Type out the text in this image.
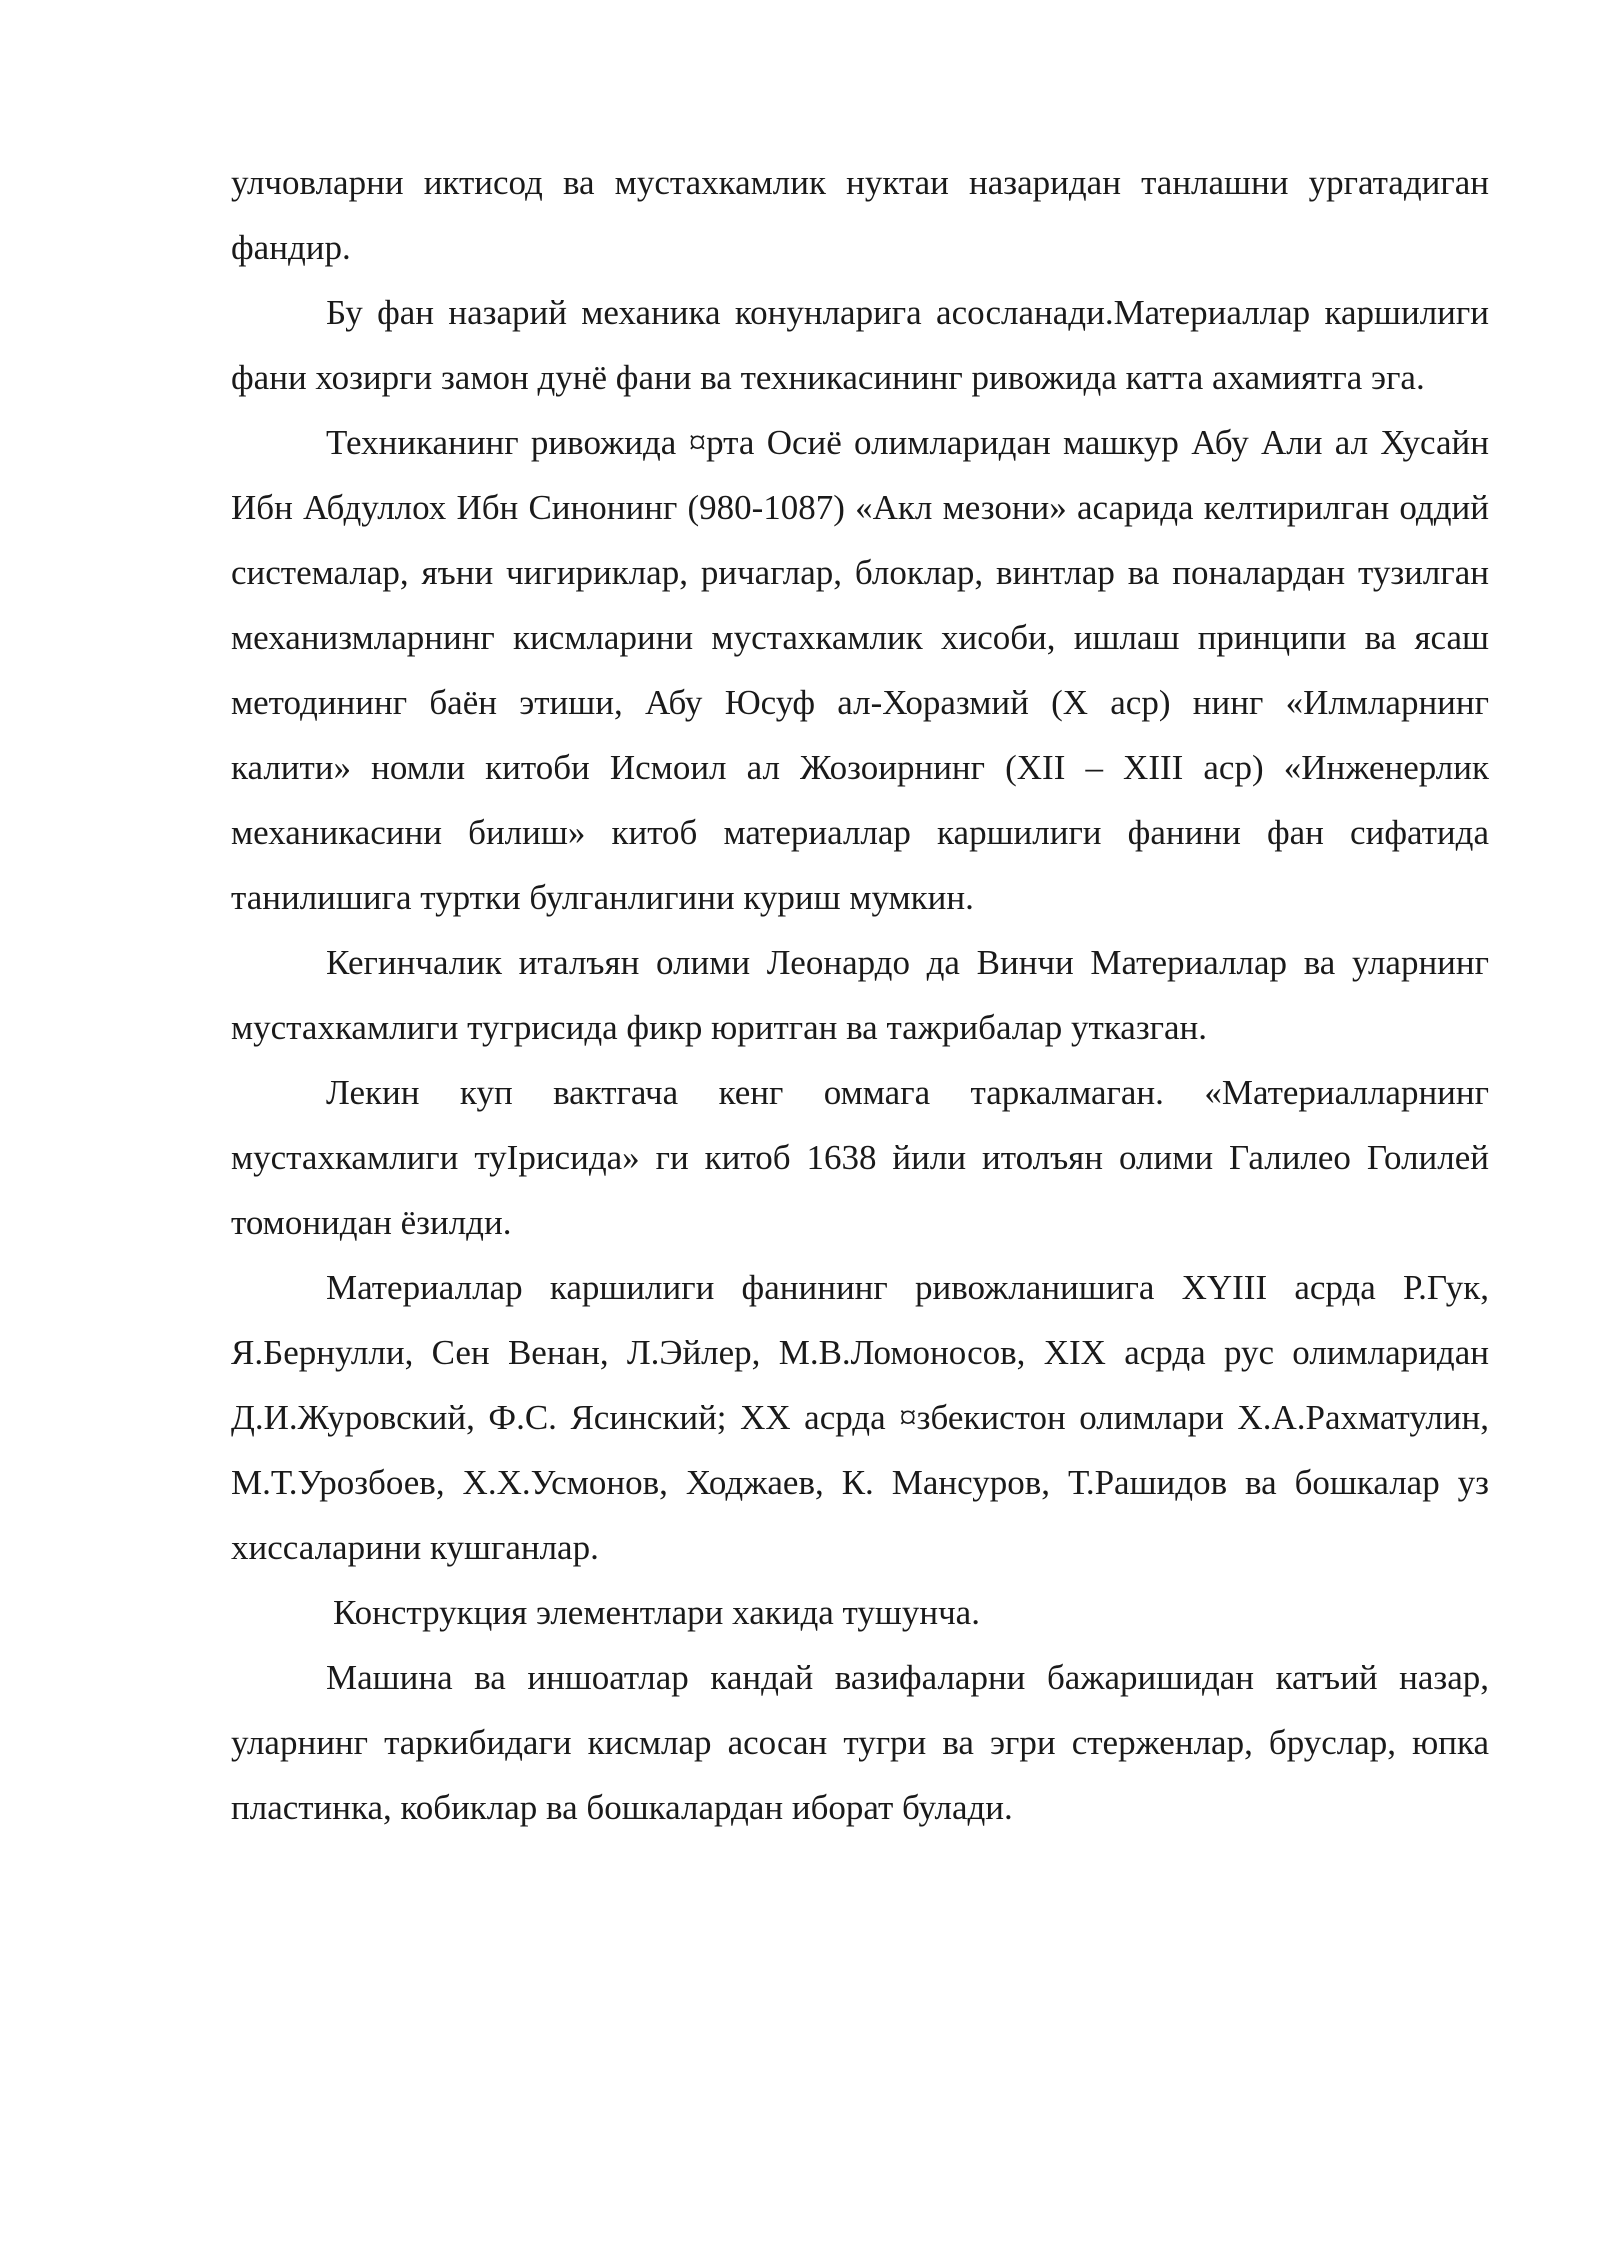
улчовларни иктисод ва мустахкамлик нуктаи назаридан танлашни ургатадиган фандир.

Бу фан назарий механика конунларига асосланади.Материаллар каршилиги фани хозирги замон дунё фани ва техникасининг ривожида катта ахамиятга эга.

Техниканинг ривожида ¤рта Осиё олимларидан машкур Абу Али ал Хусайн Ибн Абдуллох Ибн Синонинг (980-1087) «Акл мезони» асарида келтирилган оддий системалар, яъни чигириклар, ричаглар, блоклар, винтлар ва поналардан тузилган механизмларнинг кисмларини мустахкамлик хисоби, ишлаш принципи ва ясаш методининг баён этиши, Абу Юсуф ал-Хоразмий (Х аср) нинг «Илмларнинг калити» номли китоби Исмоил ал Жозоирнинг (XII – XIII аср) «Инженерлик механикасини билиш» китоб материаллар каршилиги фанини фан сифатида танилишига туртки булганлигини куриш мумкин.

Кегинчалик италъян олими Леонардо да Винчи Материаллар ва уларнинг мустахкамлиги тугрисида фикр юритган ва тажрибалар утказган.

Лекин куп вактгача кенг оммага таркалмаган. «Материалларнинг мустахкамлиги туIрисида» ги китоб 1638 йили итолъян олими Галилео Голилей томонидан ёзилди.

Материаллар каршилиги фанининг ривожланишига XYIII асрда Р.Гук, Я.Бернулли, Сен Венан, Л.Эйлер, М.В.Ломоносов, XIX асрда рус олимларидан Д.И.Журовский, Ф.С. Ясинский; XX асрда ¤збекистон олимлари Х.А.Рахматулин, М.Т.Урозбоев, Х.Х.Усмонов, Ходжаев, К. Мансуров, Т.Рашидов ва бошкалар уз хиссаларини кушганлар.

Конструкция элементлари хакида тушунча.

Машина ва иншоатлар кандай вазифаларни бажаришидан катъий назар, уларнинг таркибидаги кисмлар асосан тугри ва эгри стерженлар, бруслар, юпка пластинка, кобиклар ва бошкалардан иборат булади.
